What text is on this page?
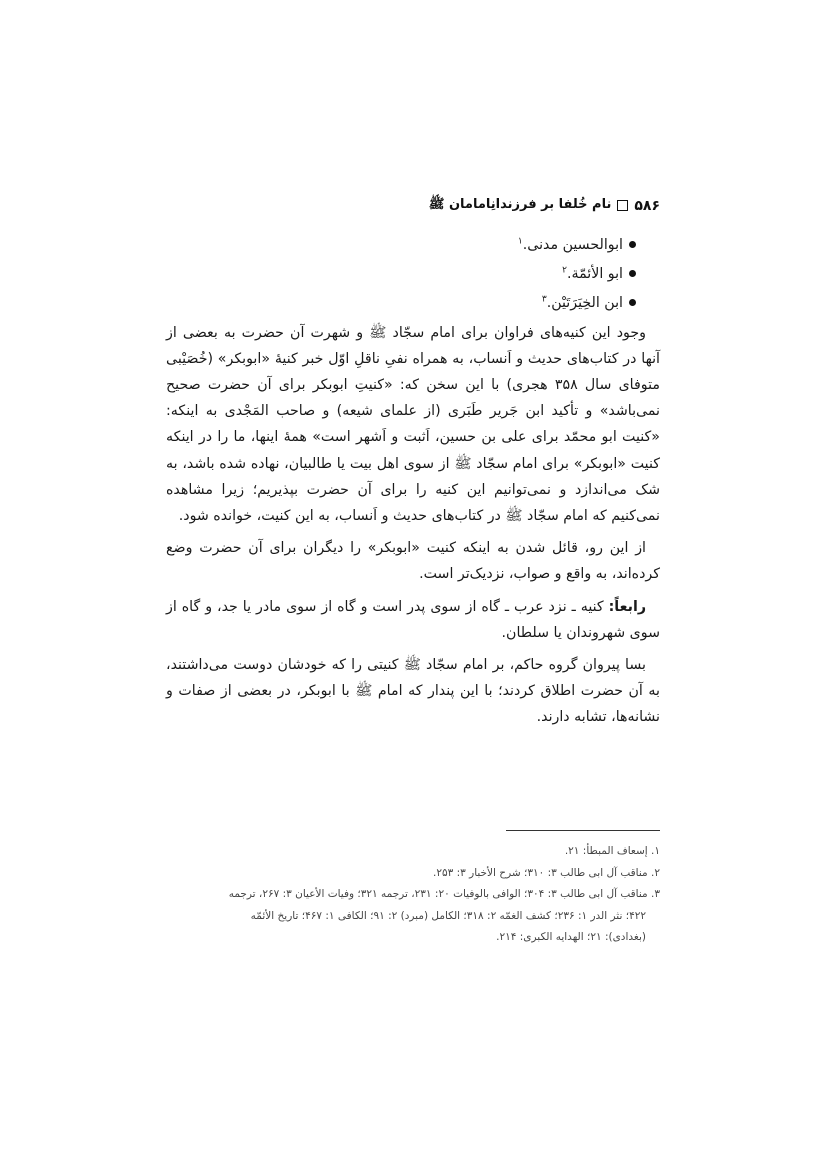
۵۸۶
نام خُلفا بر فرزندانِامامان ﷺ
ابوالحسین مدنی.$^۱$
ابو الأئمّة.$^۲$
ابن الخِیَرَتَیْن.$^۳$

وجود این کنیه‌های فراوان برای امام سجّاد ﷺ و شهرت آن حضرت به بعضی از آنها در کتاب‌های حدیث و اَنساب، به همراه نفیِ ناقلِ اوّل خبر کنیهٔ «ابوبکر» (خُصَیْبی متوفای سال ۳۵۸ هجری) با این سخن که: «کنیتِ ابوبکر برای آن حضرت صحیح نمی‌باشد» و تأکید ابن جَریر طَبَری (از علمای شیعه) و صاحب المَجْدی به اینکه: «کنیت ابو محمّد برای علی بن حسین، اَثبت و اَشهر است» همهٔ اینها، ما را در اینکه کنیت «ابوبکر» برای امام سجّاد ﷺ از سوی اهل بیت یا طالبیان، نهاده شده باشد، به شک می‌اندازد و نمی‌توانیم این کنیه را برای آن حضرت بپذیریم؛ زیرا مشاهده نمی‌کنیم که امام سجّاد ﷺ در کتاب‌های حدیث و اَنساب، به این کنیت، خوانده شود.

از این رو، قائل شدن به اینکه کنیت «ابوبکر» را دیگران برای آن حضرت وضع کرده‌اند، به واقع و صواب، نزدیک‌تر است.

رابعاً: کنیه ـ نزد عرب ـ گاه از سوی پدر است و گاه از سوی مادر یا جد، و گاه از سوی شهروندان یا سلطان.

بسا پیروان گروه حاکم، بر امام سجّاد ﷺ کنیتی را که خودشان دوست می‌داشتند، به آن حضرت اطلاق کردند؛ با این پندار که امام ﷺ با ابوبکر، در بعضی از صفات و نشانه‌ها، تشابه دارند.

۱. إسعاف المبطأ: ۲۱.
۲. مناقب آل ابی طالب ۳: ۳۱۰؛ شرح الأخبار ۳: ۲۵۳.
۳. مناقب آل ابی طالب ۳: ۳۰۴؛ الوافی بالوفیات ۲۰: ۲۳۱، ترجمه ۳۲۱؛ وفیات الأعیان ۳: ۲۶۷، ترجمه
۴۲۲؛ نثر الدر ۱: ۲۳۶؛ کشف الغمّه ۲: ۳۱۸؛ الکامل (مبرد) ۲: ۹۱؛ الکافی ۱: ۴۶۷؛ تاریخ الأئمّه
(بغدادی): ۲۱؛ الهدایه الکبری: ۲۱۴.
